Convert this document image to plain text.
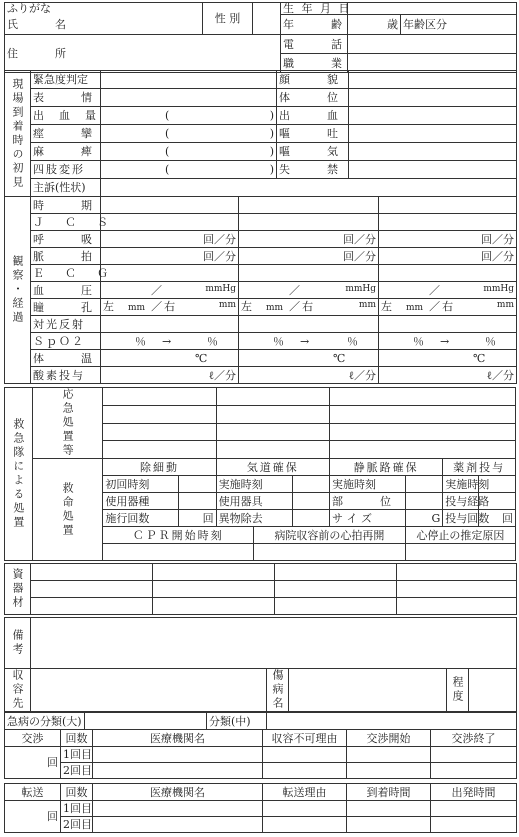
ふりがな	性 別		生 年 月 日		
氏　　名			年　　齢	歳	年齢区分

住　　所			電　　話		
			職　　業		
現場到着時の初見	緊急度判定		顔　　貌	
	表　　情		体　　位	
	出　血　量	( )	出　　血	
	痙　　攣	( )	嘔　　吐	
	麻　　痺	( )	嘔　　気	
	四肢変形	( )	失　　禁	
	主訴(性状)			
観察・経過	時　　期			
	Ｊ　Ｃ　Ｓ			
	呼　　吸	回／分	回／分	回／分
	脈　　拍	回／分	回／分	回／分
	Ｅ　Ｃ　Ｇ			
	血　　圧	／ mmHg	／ mmHg	／ mmHg

	瞳　　孔	左 mm ／ 右 mm	左 mm ／ 右 mm	左 mm ／ 右 mm

	対光反射			
	ＳｐＯ２	％ → ％	％ → ％	％ → ％

	体　　温	℃	℃	℃
	酸素投与	ℓ／分	ℓ／分	ℓ／分
救急隊による処置	応急処置等									

	救命処置	除細動		気道確保			静脈路確保		薬剤投与	
		初回時刻		実施時刻			実施時刻		実施時刻	
		使用器種		使用器具			部　　位		投与経路	
		施行回数	回	異物除去			サ イ ズ	G	投与回数	回
		ＣＰＲ開始時刻			病院収容前の心拍再開			心停止の推定原因		

資器材				

備考	
収容先		傷病名		程度	
急病の分類(大)		分類(中)	
交渉	回数	医療機関名	収容不可理由	交渉開始	交渉終了
回	1回目				
	2回目				
転送	回数	医療機関名	転送理由	到着時間	出発時間
回	1回目				
	2回目				
